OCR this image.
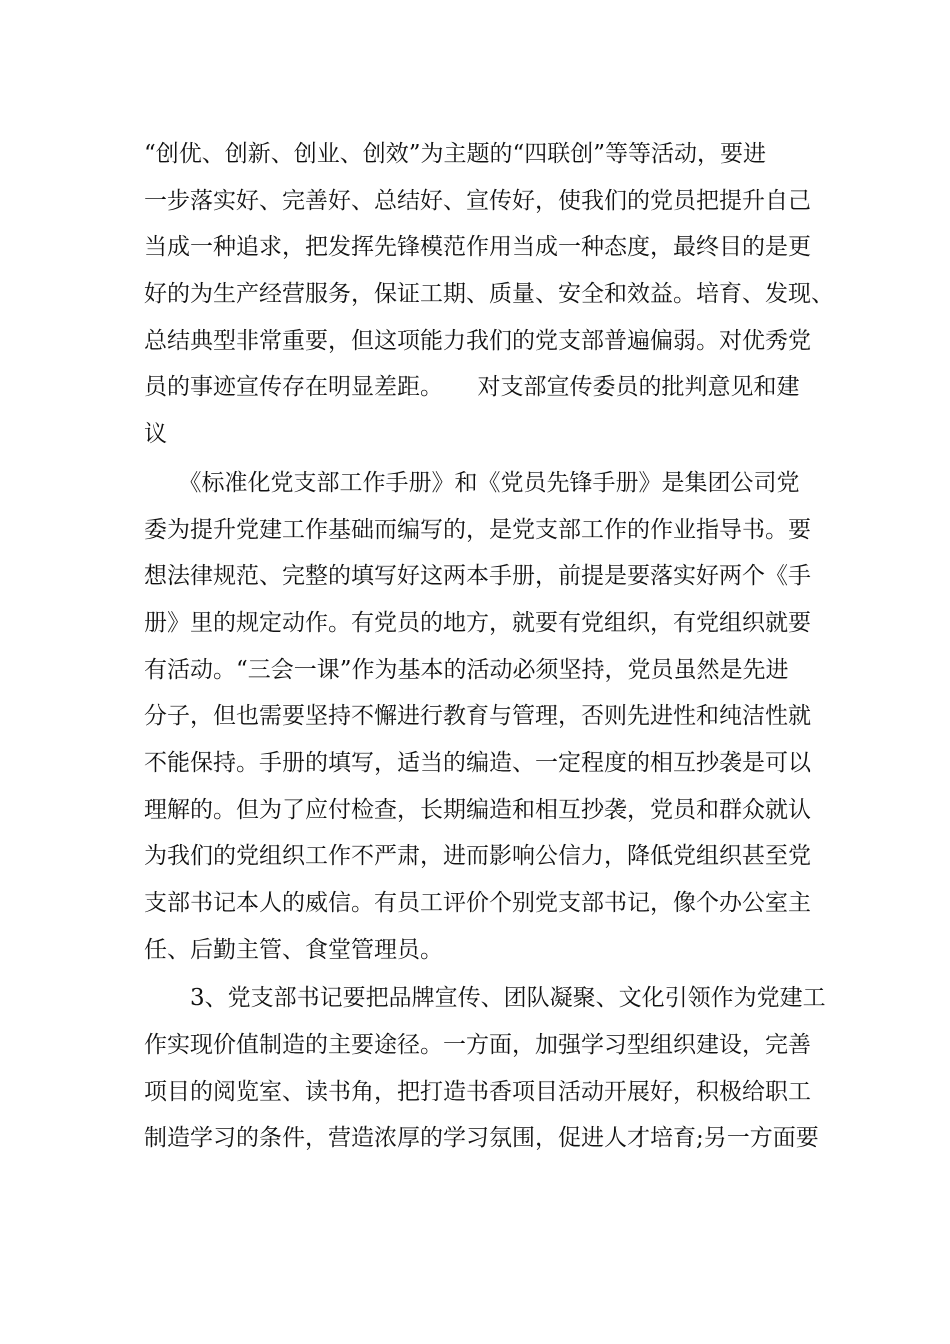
“创优、创新、创业、创效”为主题的“四联创”等等活动，要进
一步落实好、完善好、总结好、宣传好，使我们的党员把提升自己
当成一种追求，把发挥先锋模范作用当成一种态度，最终目的是更
好的为生产经营服务，保证工期、质量、安全和效益。培育、发现、
总结典型非常重要，但这项能力我们的党支部普遍偏弱。对优秀党
员的事迹宣传存在明显差距。　　对支部宣传委员的批判意见和建
议
　　《标准化党支部工作手册》和《党员先锋手册》是集团公司党
委为提升党建工作基础而编写的，是党支部工作的作业指导书。要
想法律规范、完整的填写好这两本手册，前提是要落实好两个《手
册》里的规定动作。有党员的地方，就要有党组织，有党组织就要
有活动。“三会一课”作为基本的活动必须坚持，党员虽然是先进
分子，但也需要坚持不懈进行教育与管理，否则先进性和纯洁性就
不能保持。手册的填写，适当的编造、一定程度的相互抄袭是可以
理解的。但为了应付检查，长期编造和相互抄袭，党员和群众就认
为我们的党组织工作不严肃，进而影响公信力，降低党组织甚至党
支部书记本人的威信。有员工评价个别党支部书记，像个办公室主
任、后勤主管、食堂管理员。
　　3、党支部书记要把品牌宣传、团队凝聚、文化引领作为党建工
作实现价值制造的主要途径。一方面，加强学习型组织建设，完善
项目的阅览室、读书角，把打造书香项目活动开展好，积极给职工
制造学习的条件，营造浓厚的学习氛围，促进人才培育;另一方面要
